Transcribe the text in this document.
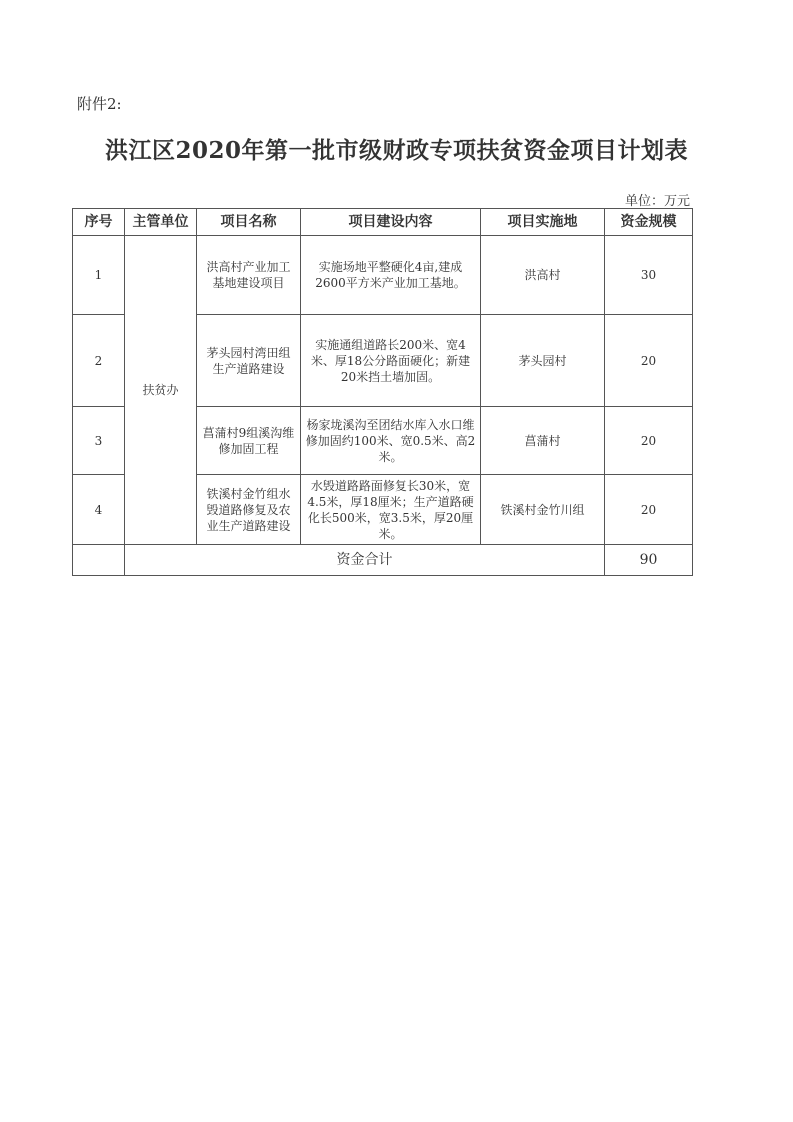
附件2:
洪江区2020年第一批市级财政专项扶贫资金项目计划表
单位：万元
序号	主管单位	项目名称	项目建设内容	项目实施地	资金规模
1	扶贫办	洪高村产业加工基地建设项目	实施场地平整硬化4亩,建成2600平方米产业加工基地。	洪高村	30
2		茅头园村湾田组生产道路建设	实施通组道路长200米、宽4米、厚18公分路面硬化；新建20米挡土墙加固。	茅头园村	20
3		菖蒲村9组溪沟维修加固工程	杨家垅溪沟至团结水库入水口维修加固约100米、宽0.5米、高2米。	菖蒲村	20
4		铁溪村金竹组水毁道路修复及农业生产道路建设	水毁道路路面修复长30米，宽4.5米，厚18厘米；生产道路硬化长500米，宽3.5米，厚20厘米。	铁溪村金竹川组	20
	资金合计				90
